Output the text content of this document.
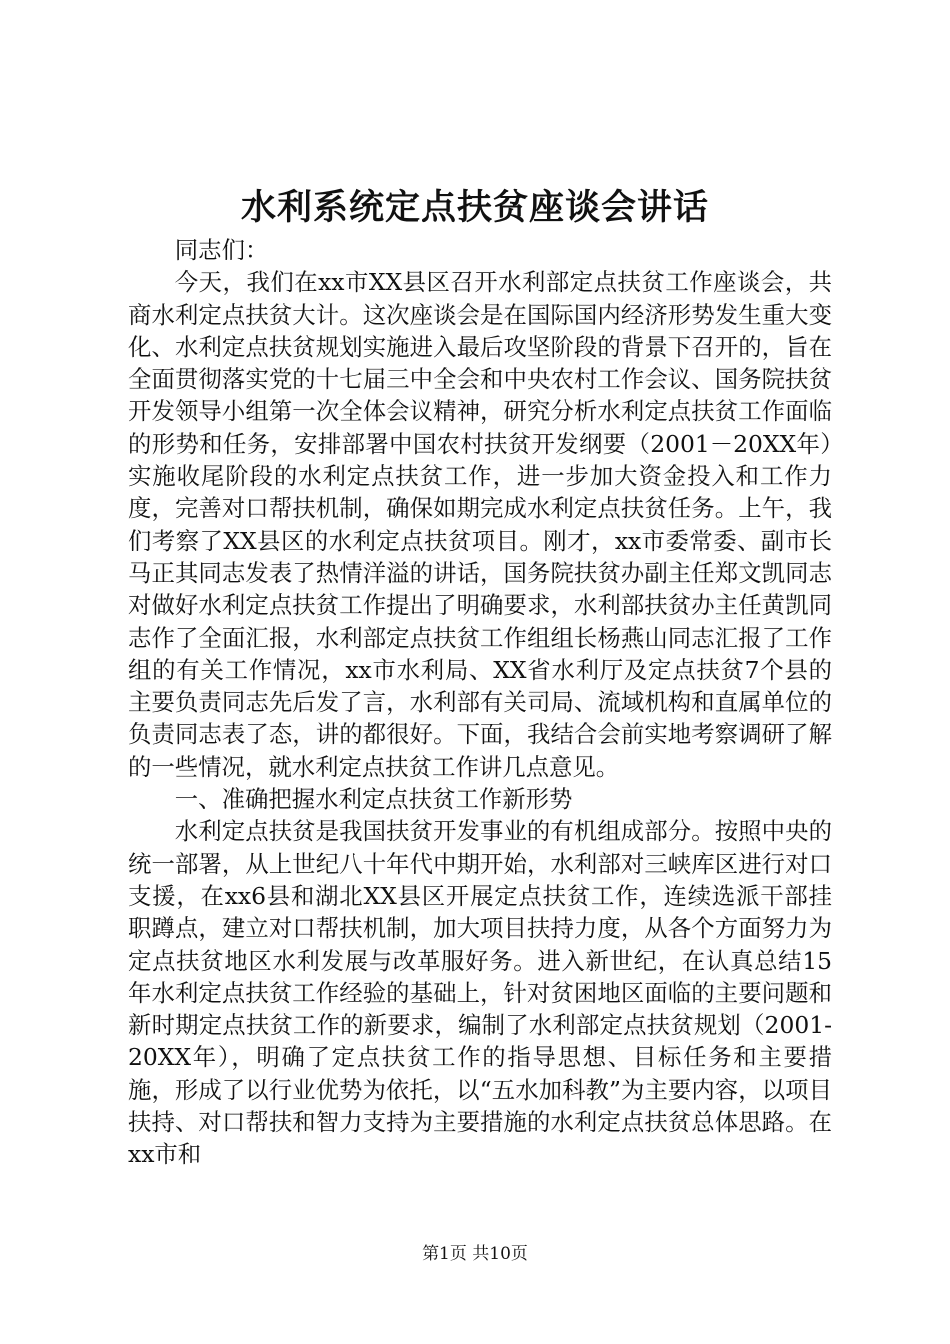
水利系统定点扶贫座谈会讲话

同志们：

今天，我们在xx市XX县区召开水利部定点扶贫工作座谈会，共商水利定点扶贫大计。这次座谈会是在国际国内经济形势发生重大变化、水利定点扶贫规划实施进入最后攻坚阶段的背景下召开的，旨在全面贯彻落实党的十七届三中全会和中央农村工作会议、国务院扶贫开发领导小组第一次全体会议精神，研究分析水利定点扶贫工作面临的形势和任务，安排部署中国农村扶贫开发纲要（2001－20XX年）实施收尾阶段的水利定点扶贫工作，进一步加大资金投入和工作力度，完善对口帮扶机制，确保如期完成水利定点扶贫任务。上午，我们考察了XX县区的水利定点扶贫项目。刚才，xx市委常委、副市长马正其同志发表了热情洋溢的讲话，国务院扶贫办副主任郑文凯同志对做好水利定点扶贫工作提出了明确要求，水利部扶贫办主任黄凯同志作了全面汇报，水利部定点扶贫工作组组长杨燕山同志汇报了工作组的有关工作情况，xx市水利局、XX省水利厅及定点扶贫7个县的主要负责同志先后发了言，水利部有关司局、流域机构和直属单位的负责同志表了态，讲的都很好。下面，我结合会前实地考察调研了解的一些情况，就水利定点扶贫工作讲几点意见。

一、准确把握水利定点扶贫工作新形势

水利定点扶贫是我国扶贫开发事业的有机组成部分。按照中央的统一部署，从上世纪八十年代中期开始，水利部对三峡库区进行对口支援，在xx6县和湖北XX县区开展定点扶贫工作，连续选派干部挂职蹲点，建立对口帮扶机制，加大项目扶持力度，从各个方面努力为定点扶贫地区水利发展与改革服好务。进入新世纪，在认真总结15年水利定点扶贫工作经验的基础上，针对贫困地区面临的主要问题和新时期定点扶贫工作的新要求，编制了水利部定点扶贫规划（2001-20XX年），明确了定点扶贫工作的指导思想、目标任务和主要措施，形成了以行业优势为依托，以“五水加科教”为主要内容，以项目扶持、对口帮扶和智力支持为主要措施的水利定点扶贫总体思路。在xx市和

第1页 共10页
